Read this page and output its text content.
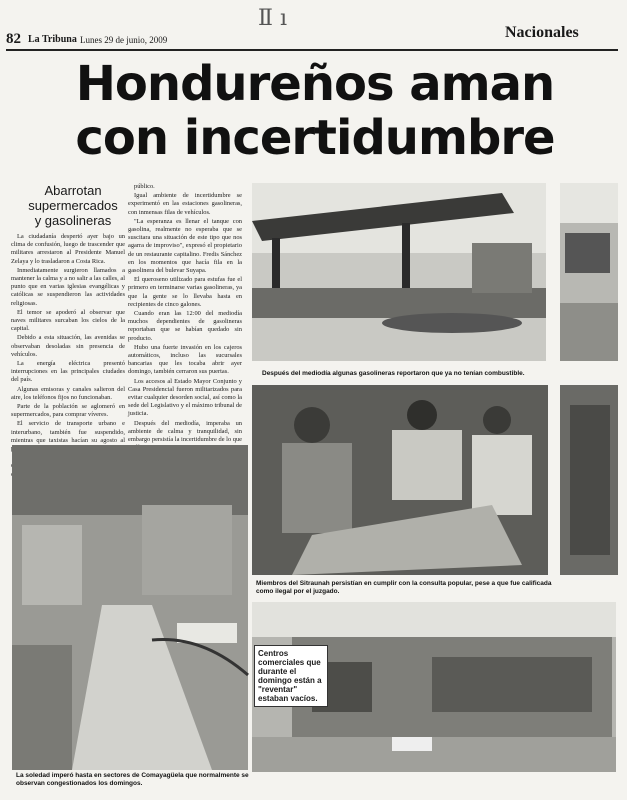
Ⅱ ı
82 La Tribuna Lunes 29 de junio, 2009	Nacionales
Hondureños aman
con incertidumbre
Abarrotan supermercados y gasolineras

La ciudadanía despertó ayer bajo un clima de confusión, luego de trascender que militares arrestaron al Presidente Manuel Zelaya y lo trasladaron a Costa Rica.

Inmediatamente surgieron llamados a mantener la calma y a no salir a las calles, al punto que en varias iglesias evangélicas y católicas se suspendieron las actividades religiosas.

El temor se apoderó al observar que naves militares surcaban los cielos de la capital.

Debido a esta situación, las avenidas se observaban desoladas sin presencia de vehículos.

La energía eléctrica presentó interrupciones en las principales ciudades del país.

Algunas emisoras y canales salieron del aire, los teléfonos fijos no funcionaban.

Parte de la población se aglomeró en supermercados, para comprar víveres.

El servicio de transporte urbano e interurbano, también fue suspendido, mientras que taxistas hacían su agosto al

público.

Igual ambiente de incertidumbre se experimentó en las estaciones gasolineras, con inmensas filas de vehículos.

"La esperanza es llenar el tanque con gasolina, realmente no esperaba que se suscitara una situación de este tipo que nos agarra de improviso", expresó el propietario de un restaurante capitalino. Fredis Sánchez en los momentos que hacía fila en la gasolinera del bulevar Suyapa.

El queroseno utilizado para estufas fue el primero en terminarse varias gasolineras, ya que la gente se lo llevaba hasta en recipientes de cinco galones.

Cuando eran las 12:00 del mediodía muchos dependientes de gasolineras reportaban que se habían quedado sin producto.

Hubo una fuerte invasión en los cajeros automáticos, incluso las sucursales bancarias que les tocaba abrir ayer domingo, también cerraron sus puertas.

Los accesos al Estado Mayor Conjunto y Casa Presidencial fueron militarizados para evitar cualquier desorden social, así como la sede del Legislativo y el máximo tribunal de justicia.

Después del mediodía, imperaba un ambiente de calma y tranquilidad, sin embargo persistía la incertidumbre de lo que

Después del mediodía algunas gasolineras reportaron que ya no tenían combustible.
Miembros del Sitraunah persistían en cumplir con la consulta popular, pese a que fue calificada como ilegal por el juzgado.
La soledad imperó hasta en sectores de Comayagüela que normalmente se observan congestionados los domingos.
Centros comerciales que durante el domingo están a "reventar" estaban vacíos.
